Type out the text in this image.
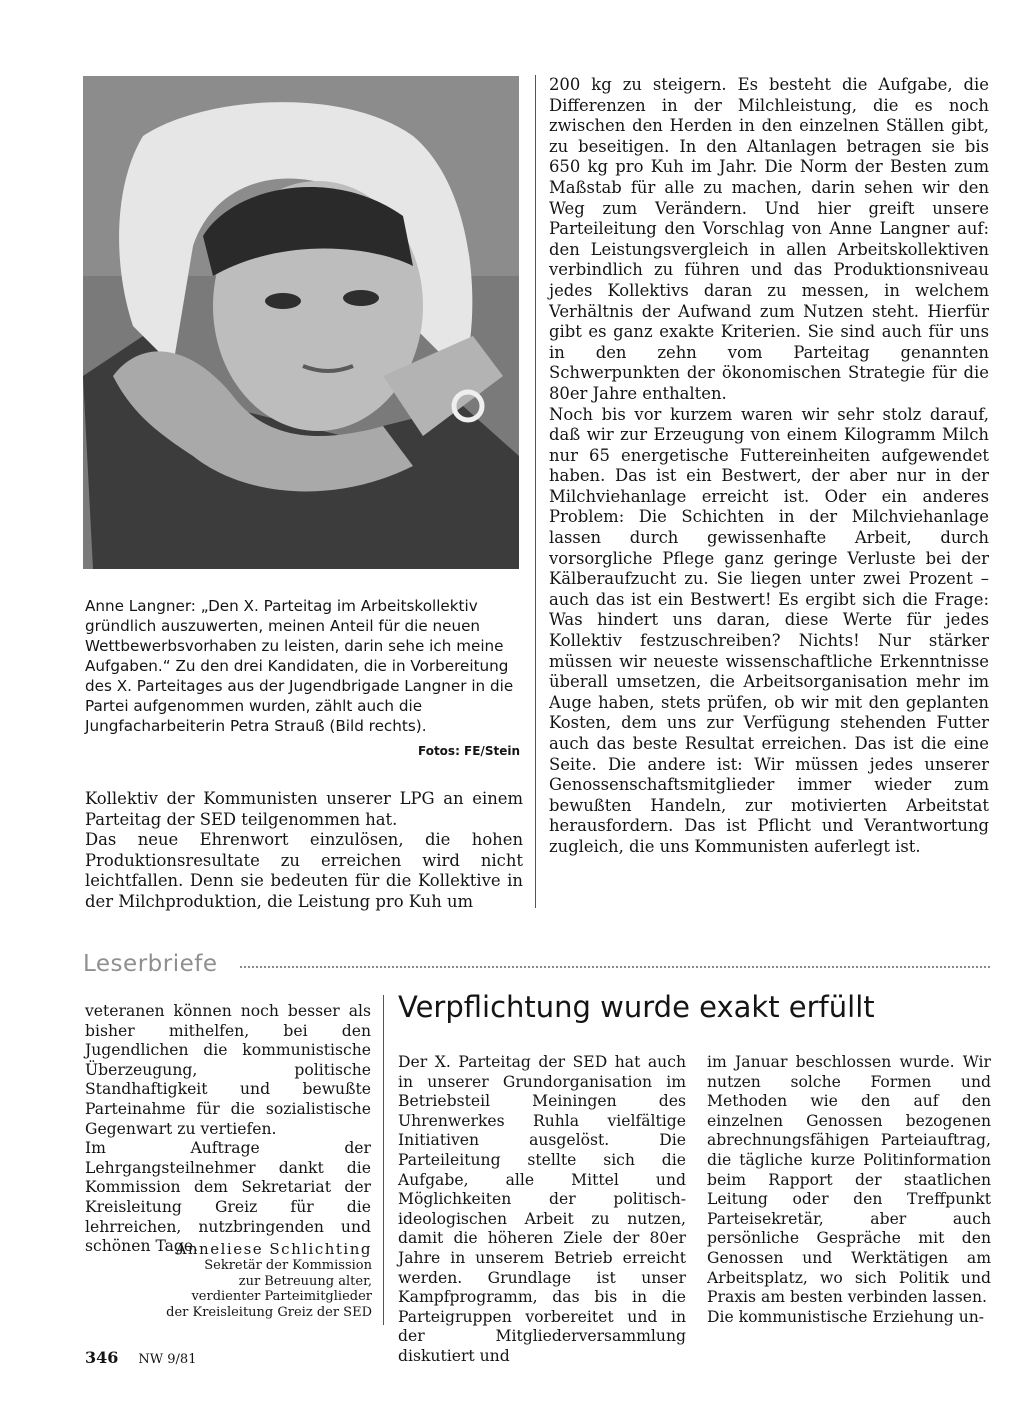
Anne Langner: „Den X. Parteitag im Arbeitskollektiv gründlich auszuwerten, meinen Anteil für die neuen Wettbewerbsvorhaben zu leisten, darin sehe ich meine Aufgaben.“ Zu den drei Kandidaten, die in Vorbereitung des X. Parteitages aus der Jugendbrigade Langner in die Partei aufgenommen wurden, zählt auch die Jungfacharbeiterin Petra Strauß (Bild rechts).
Fotos: FE/Stein

200 kg zu steigern. Es besteht die Aufgabe, die Differenzen in der Milchleistung, die es noch zwischen den Herden in den einzelnen Ställen gibt, zu beseitigen. In den Altanlagen betragen sie bis 650 kg pro Kuh im Jahr. Die Norm der Besten zum Maßstab für alle zu machen, darin sehen wir den Weg zum Verändern. Und hier greift unsere Parteileitung den Vorschlag von Anne Langner auf: den Leistungsvergleich in allen Arbeitskollektiven verbindlich zu führen und das Produktionsniveau jedes Kollektivs daran zu messen, in welchem Verhältnis der Aufwand zum Nutzen steht. Hierfür gibt es ganz exakte Kriterien. Sie sind auch für uns in den zehn vom Parteitag genannten Schwerpunkten der ökonomischen Strategie für die 80er Jahre enthalten.

Noch bis vor kurzem waren wir sehr stolz darauf, daß wir zur Erzeugung von einem Kilogramm Milch nur 65 energetische Futtereinheiten aufgewendet haben. Das ist ein Bestwert, der aber nur in der Milchviehanlage erreicht ist. Oder ein anderes Problem: Die Schichten in der Milchviehanlage lassen durch gewissenhafte Arbeit, durch vorsorgliche Pflege ganz geringe Verluste bei der Kälberaufzucht zu. Sie liegen unter zwei Prozent – auch das ist ein Bestwert! Es ergibt sich die Frage: Was hindert uns daran, diese Werte für jedes Kollektiv festzuschreiben? Nichts! Nur stärker müssen wir neueste wissenschaftliche Erkenntnisse überall umsetzen, die Arbeitsorganisation mehr im Auge haben, stets prüfen, ob wir mit den geplanten Kosten, dem uns zur Verfügung stehenden Futter auch das beste Resultat erreichen. Das ist die eine Seite. Die andere ist: Wir müssen jedes unserer Genossenschaftsmitglieder immer wieder zum bewußten Handeln, zur motivierten Arbeitstat herausfordern. Das ist Pflicht und Verantwortung zugleich, die uns Kommunisten auferlegt ist.

Kollektiv der Kommunisten unserer LPG an einem Parteitag der SED teilgenommen hat.

Das neue Ehrenwort einzulösen, die hohen Produktionsresultate zu erreichen wird nicht leichtfallen. Denn sie bedeuten für die Kollektive in der Milchproduktion, die Leistung pro Kuh um

Leserbriefe

veteranen können noch besser als bisher mithelfen, bei den Jugendlichen die kommunistische Überzeugung, politische Standhaftigkeit und bewußte Parteinahme für die sozialistische Gegenwart zu vertiefen.

Im Auftrage der Lehrgangsteilnehmer dankt die Kommission dem Sekretariat der Kreisleitung Greiz für die lehrreichen, nutzbringenden und schönen Tage.

Anneliese Schlichting
Sekretär der Kommission
zur Betreuung alter,
verdienter Parteimitglieder
der Kreisleitung Greiz der SED
Verpflichtung wurde exakt erfüllt

Der X. Parteitag der SED hat auch in unserer Grundorganisation im Betriebsteil Meiningen des Uhrenwerkes Ruhla vielfältige Initiativen ausgelöst. Die Parteileitung stellte sich die Aufgabe, alle Mittel und Möglichkeiten der politisch-ideologischen Arbeit zu nutzen, damit die höheren Ziele der 80er Jahre in unserem Betrieb erreicht werden. Grundlage ist unser Kampfprogramm, das bis in die Parteigruppen vorbereitet und in der Mitgliederversammlung diskutiert und

im Januar beschlossen wurde. Wir nutzen solche Formen und Methoden wie den auf den einzelnen Genossen bezogenen abrechnungsfähigen Parteiauftrag, die tägliche kurze Politinformation beim Rapport der staatlichen Leitung oder den Treffpunkt Parteisekretär, aber auch persönliche Gespräche mit den Genossen und Werktätigen am Arbeitsplatz, wo sich Politik und Praxis am besten verbinden lassen.

Die kommunistische Erziehung un-

346 NW 9/81
